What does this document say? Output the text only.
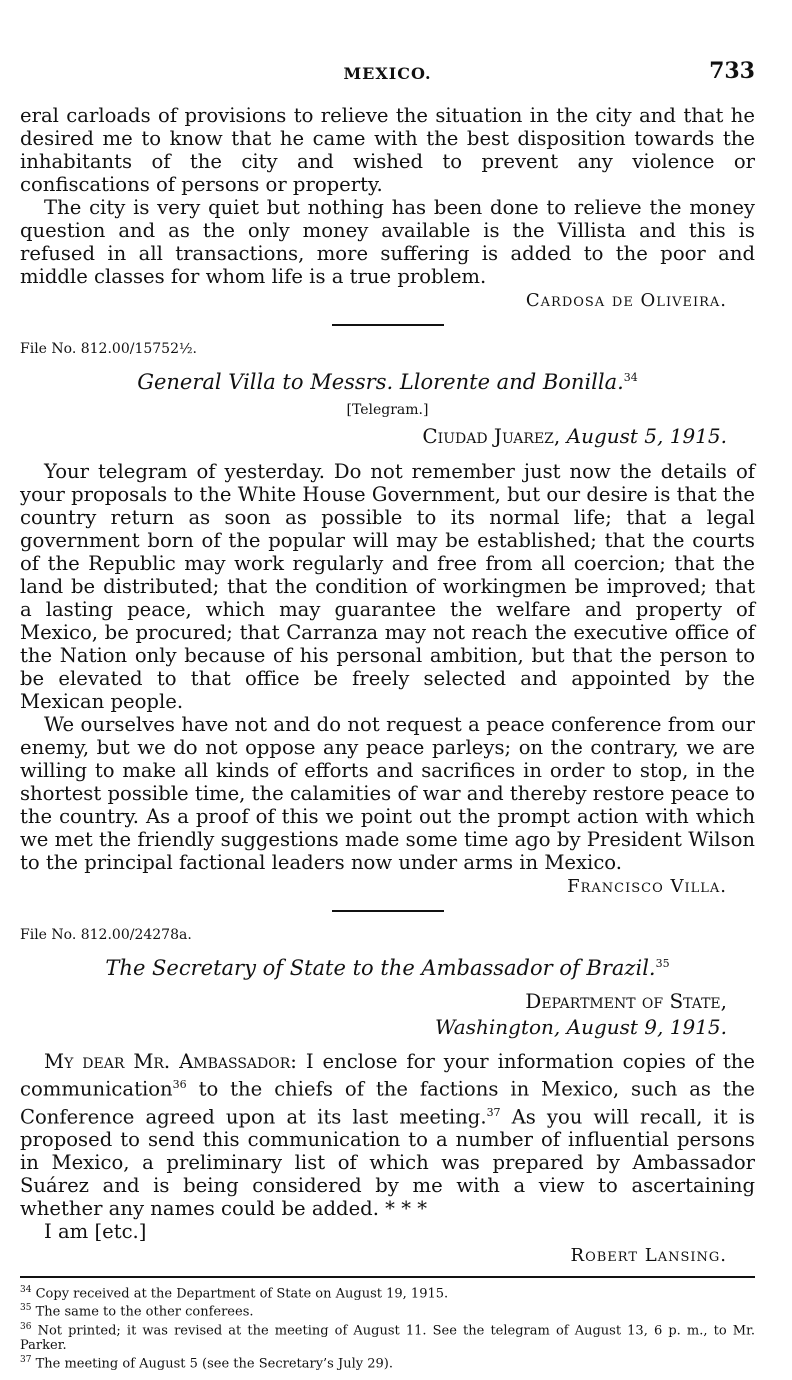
MEXICO.	733

eral carloads of provisions to relieve the situation in the city and that he desired me to know that he came with the best disposition towards the inhabitants of the city and wished to prevent any violence or confiscations of persons or property.

The city is very quiet but nothing has been done to relieve the money question and as the only money available is the Villista and this is refused in all transactions, more suffering is added to the poor and middle classes for whom life is a true problem.

Cardosa de Oliveira.
File No. 812.00/15752½.
General Villa to Messrs. Llorente and Bonilla.$^{34}$
[Telegram.]
Ciudad Juarez, August 5, 1915.

Your telegram of yesterday. Do not remember just now the details of your proposals to the White House Government, but our desire is that the country return as soon as possible to its normal life; that a legal government born of the popular will may be established; that the courts of the Republic may work regularly and free from all coercion; that the land be distributed; that the condition of workingmen be improved; that a lasting peace, which may guarantee the welfare and property of Mexico, be procured; that Carranza may not reach the executive office of the Nation only because of his personal ambition, but that the person to be elevated to that office be freely selected and appointed by the Mexican people.

We ourselves have not and do not request a peace conference from our enemy, but we do not oppose any peace parleys; on the contrary, we are willing to make all kinds of efforts and sacrifices in order to stop, in the shortest possible time, the calamities of war and thereby restore peace to the country. As a proof of this we point out the prompt action with which we met the friendly suggestions made some time ago by President Wilson to the principal factional leaders now under arms in Mexico.

Francisco Villa.
File No. 812.00/24278a.
The Secretary of State to the Ambassador of Brazil.$^{35}$
Department of State,
Washington, August 9, 1915.

My dear Mr. Ambassador: I enclose for your information copies of the communication$^{36}$ to the chiefs of the factions in Mexico, such as the Conference agreed upon at its last meeting.$^{37}$ As you will recall, it is proposed to send this communication to a number of influential persons in Mexico, a preliminary list of which was prepared by Ambassador Suárez and is being considered by me with a view to ascertaining whether any names could be added. * * *

I am [etc.]
Robert Lansing.
$^{34}$ Copy received at the Department of State on August 19, 1915.
$^{35}$ The same to the other conferees.
$^{36}$ Not printed; it was revised at the meeting of August 11. See the telegram of August 13, 6 p. m., to Mr. Parker.
$^{37}$ The meeting of August 5 (see the Secretary’s July 29).
